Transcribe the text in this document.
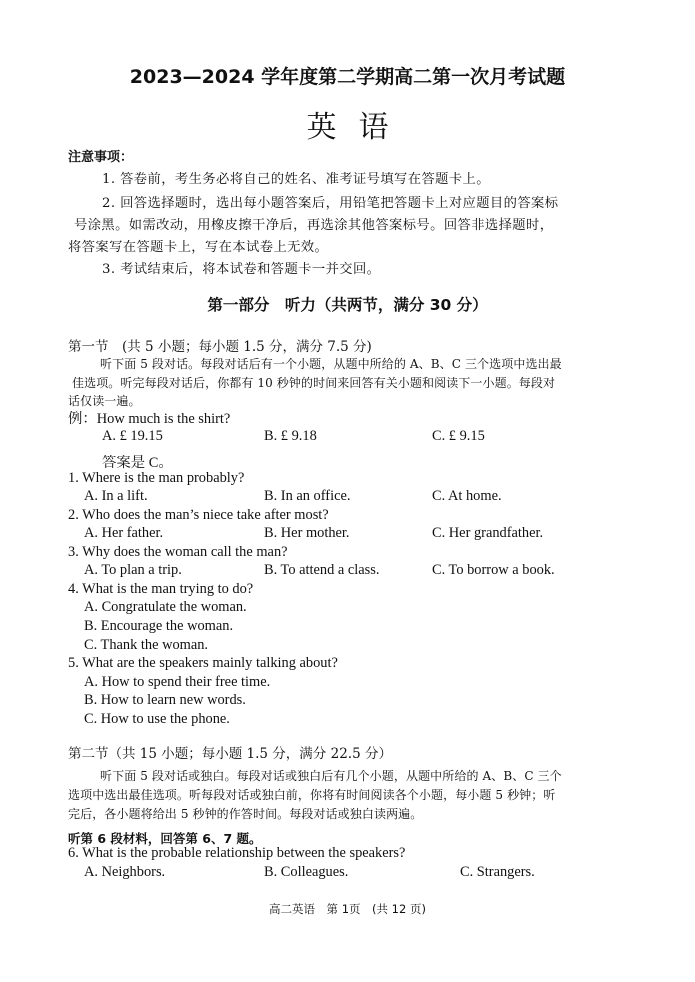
2023—2024 学年度第二学期高二第一次月考试题
英语
注意事项：
1. 答卷前，考生务必将自己的姓名、准考证号填写在答题卡上。
2. 回答选择题时，选出每小题答案后，用铅笔把答题卡上对应题目的答案标
号涂黑。如需改动，用橡皮擦干净后，再选涂其他答案标号。回答非选择题时，
将答案写在答题卡上，写在本试卷上无效。
3. 考试结束后，将本试卷和答题卡一并交回。
第一部分　听力（共两节，满分 30 分）
第一节　(共 5 小题；每小题 1.5 分，满分 7.5 分)
听下面 5 段对话。每段对话后有一个小题，从题中所给的 A、B、C 三个选项中选出最
佳选项。听完每段对话后，你都有 10 秒钟的时间来回答有关小题和阅读下一小题。每段对
话仅读一遍。
例：How much is the shirt?
A. £ 19.15	B. £ 9.18	C. £ 9.15
答案是 C。
1. Where is the man probably?
A. In a lift.	B. In an office.	C. At home.
2. Who does the man’s niece take after most?
A. Her father.	B. Her mother.	C. Her grandfather.
3. Why does the woman call the man?
A. To plan a trip.	B. To attend a class.	C. To borrow a book.
4. What is the man trying to do?
A. Congratulate the woman.
B. Encourage the woman.
C. Thank the woman.
5. What are the speakers mainly talking about?
A. How to spend their free time.
B. How to learn new words.
C. How to use the phone.
第二节（共 15 小题；每小题 1.5 分，满分 22.5 分）
听下面 5 段对话或独白。每段对话或独白后有几个小题，从题中所给的 A、B、C 三个
选项中选出最佳选项。听每段对话或独白前，你将有时间阅读各个小题，每小题 5 秒钟；听
完后，各小题将给出 5 秒钟的作答时间。每段对话或独白读两遍。
听第 6 段材料，回答第 6、7 题。
6. What is the probable relationship between the speakers?
A. Neighbors.	B. Colleagues.	C. Strangers.
高二英语　第 1页　(共 12 页)
